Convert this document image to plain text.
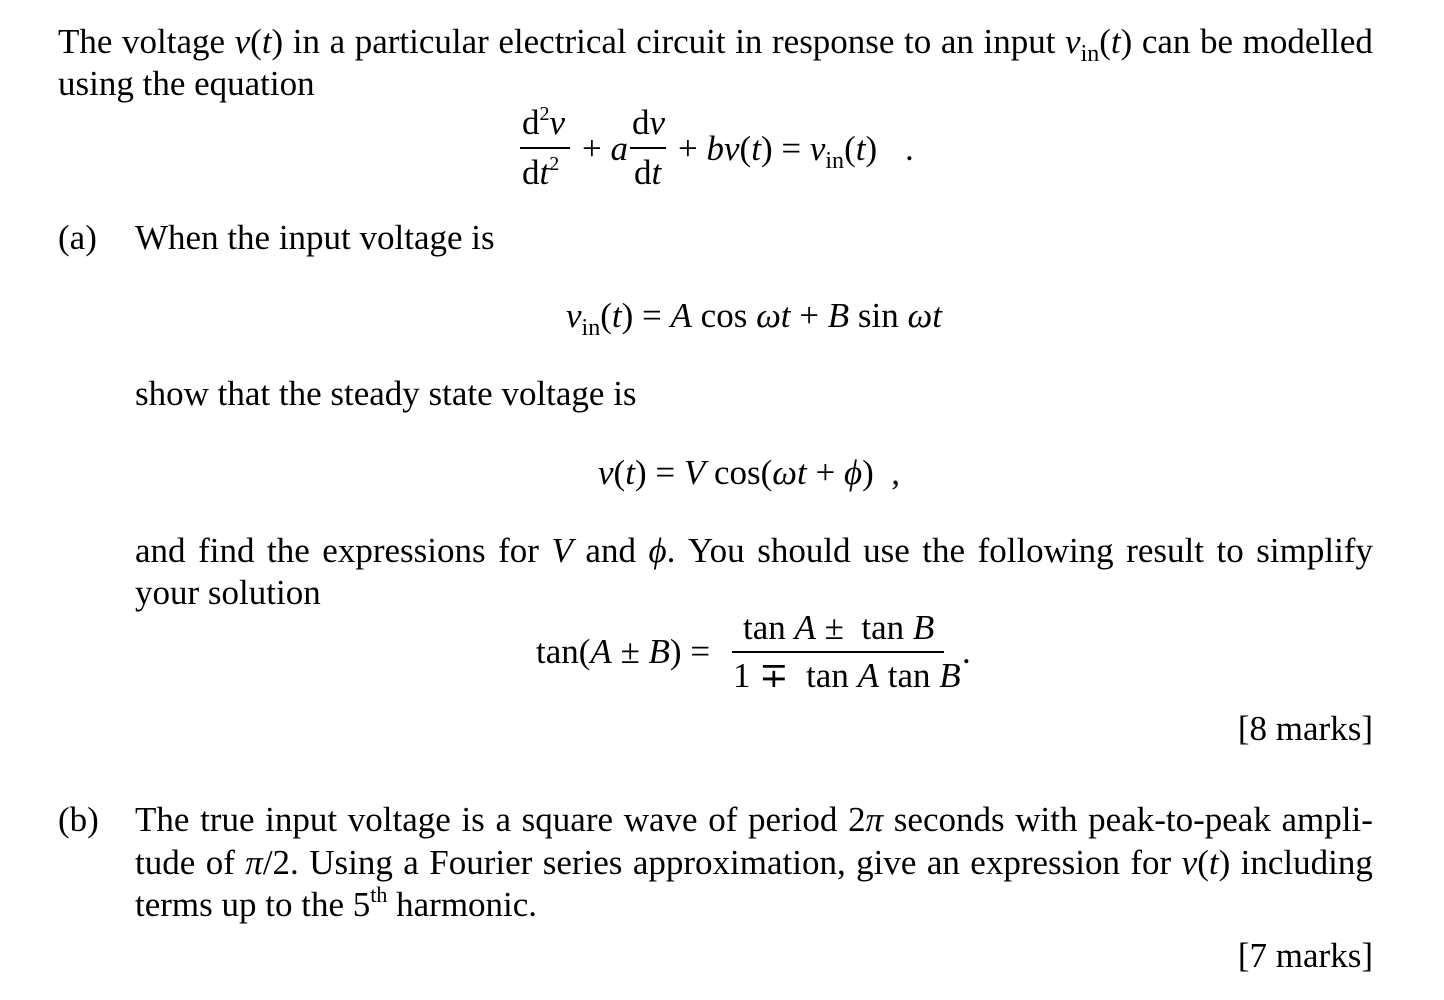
The voltage v(t) in a particular electrical circuit in response to an input $v_{in}(t)$ can be modelled
using the equation
$d^2v$
$dt^2 + a$
dv
dt
+ $bv(t) = v_{in}(t)$ .
(a) When the input voltage is
$v_{in}(t) = A$ cos ωt + B sin ωt
show that the steady state voltage is
v(t) = V cos(ωt + ϕ)  ,
and find the expressions for V and ϕ. You should use the following result to simplify
your solution
tan(A ± B) =
tan A ±  tan B
1 ∓  tan A tan B
.
[8 marks]
(b) The true input voltage is a square wave of period 2π seconds with peak-to-peak ampli-
tude of π/2. Using a Fourier series approximation, give an expression for v(t) including
terms up to the 5th harmonic.
[7 marks]
